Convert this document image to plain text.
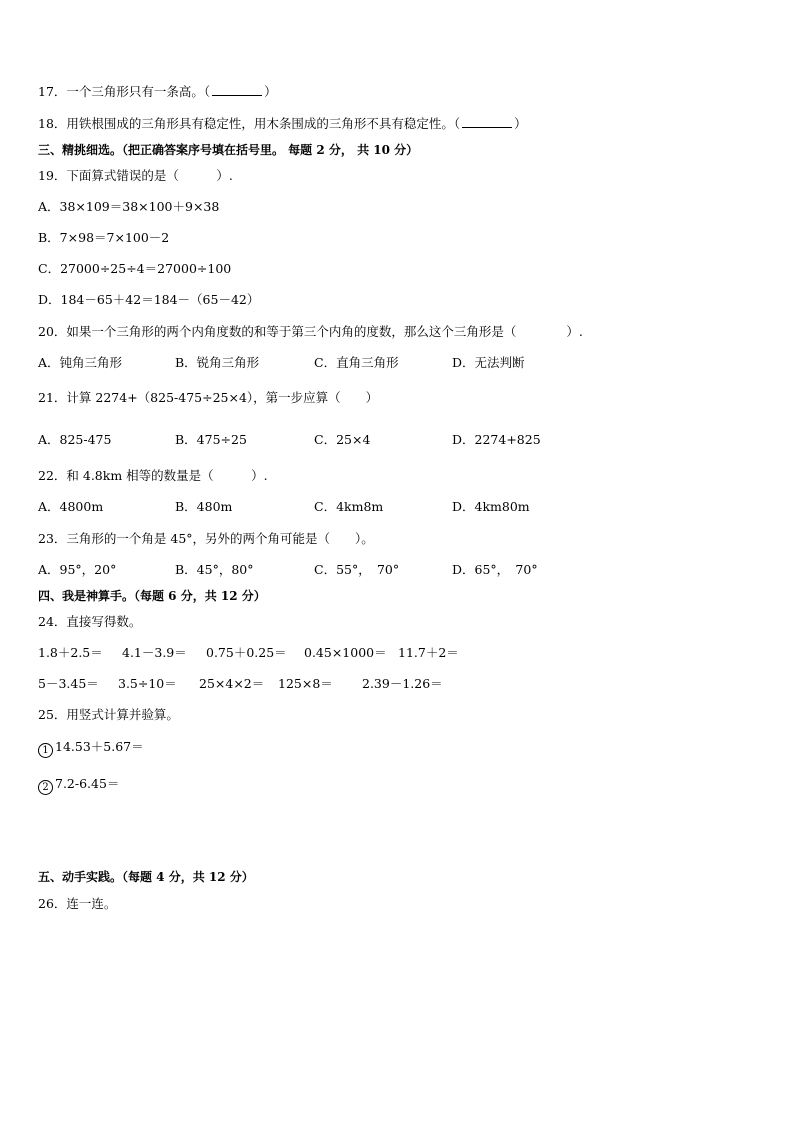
17．一个三角形只有一条高。（	）
18．用铁根围成的三角形具有稳定性，用木条围成的三角形不具有稳定性。（	）
三、精挑细选。（把正确答案序号填在括号里。 每题 2 分， 共 10 分）
19．下面算式错误的是（　　　）.
A．38×109＝38×100＋9×38
B．7×98＝7×100－2
C．27000÷25÷4＝27000÷100
D．184－65＋42＝184－（65－42）
20．如果一个三角形的两个内角度数的和等于第三个内角的度数，那么这个三角形是（　　　　）.
A．钝角三角形	B．锐角三角形	C．直角三角形	D．无法判断
21．计算 2274+（825-475÷25×4），第一步应算（　　）
A．825-475	B．475÷25	C．25×4	D．2274+825
22．和 4.8km 相等的数量是（　　　）.
A．4800m	B．480m	C．4km8m	D．4km80m
23．三角形的一个角是 45°，另外的两个角可能是（　　）。
A．95°，20°	B．45°，80°	C．55°，　70°	D．65°，　70°
四、我是神算手。（每题 6 分，共 12 分）
24．直接写得数。
1.8＋2.5＝ 4.1－3.9＝ 0.75＋0.25＝ 0.45×1000＝ 11.7＋2＝
5－3.45＝ 3.5÷10＝ 25×4×2＝ 125×8＝ 2.39－1.26＝
25．用竖式计算并验算。
1 14.53＋5.67＝
2 7.2-6.45＝
五、动手实践。（每题 4 分，共 12 分）
26．连一连。
